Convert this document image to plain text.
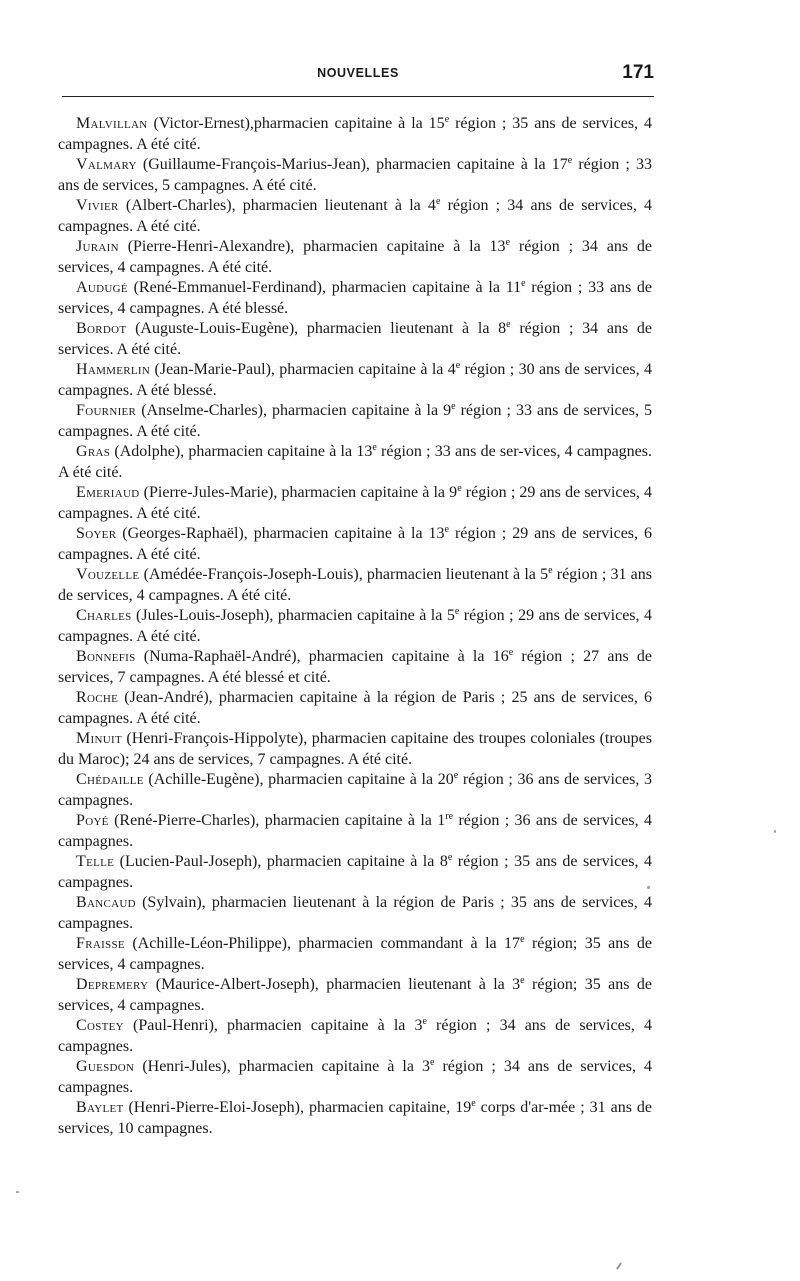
NOUVELLES	171

Malvillan (Victor-Ernest),pharmacien capitaine à la 15e région ; 35 ans de services, 4 campagnes. A été cité.

Valmary (Guillaume-François-Marius-Jean), pharmacien capitaine à la 17e région ; 33 ans de services, 5 campagnes. A été cité.

Vivier (Albert-Charles), pharmacien lieutenant à la 4e région ; 34 ans de services, 4 campagnes. A été cité.

Jurain (Pierre-Henri-Alexandre), pharmacien capitaine à la 13e région ; 34 ans de services, 4 campagnes. A été cité.

Audugé (René-Emmanuel-Ferdinand), pharmacien capitaine à la 11e région ; 33 ans de services, 4 campagnes. A été blessé.

Bordot (Auguste-Louis-Eugène), pharmacien lieutenant à la 8e région ; 34 ans de services. A été cité.

Hammerlin (Jean-Marie-Paul), pharmacien capitaine à la 4e région ; 30 ans de services, 4 campagnes. A été blessé.

Fournier (Anselme-Charles), pharmacien capitaine à la 9e région ; 33 ans de services, 5 campagnes. A été cité.

Gras (Adolphe), pharmacien capitaine à la 13e région ; 33 ans de ser-vices, 4 campagnes. A été cité.

Emeriaud (Pierre-Jules-Marie), pharmacien capitaine à la 9e région ; 29 ans de services, 4 campagnes. A été cité.

Soyer (Georges-Raphaël), pharmacien capitaine à la 13e région ; 29 ans de services, 6 campagnes. A été cité.

Vouzelle (Amédée-François-Joseph-Louis), pharmacien lieutenant à la 5e région ; 31 ans de services, 4 campagnes. A été cité.

Charles (Jules-Louis-Joseph), pharmacien capitaine à la 5e région ; 29 ans de services, 4 campagnes. A été cité.

Bonnefis (Numa-Raphaël-André), pharmacien capitaine à la 16e région ; 27 ans de services, 7 campagnes. A été blessé et cité.

Roche (Jean-André), pharmacien capitaine à la région de Paris ; 25 ans de services, 6 campagnes. A été cité.

Minuit (Henri-François-Hippolyte), pharmacien capitaine des troupes coloniales (troupes du Maroc); 24 ans de services, 7 campagnes. A été cité.

Chédaille (Achille-Eugène), pharmacien capitaine à la 20e région ; 36 ans de services, 3 campagnes.

Poyé (René-Pierre-Charles), pharmacien capitaine à la 1re région ; 36 ans de services, 4 campagnes.

Telle (Lucien-Paul-Joseph), pharmacien capitaine à la 8e région ; 35 ans de services, 4 campagnes.

Bancaud (Sylvain), pharmacien lieutenant à la région de Paris ; 35 ans de services, 4 campagnes.

Fraisse (Achille-Léon-Philippe), pharmacien commandant à la 17e région; 35 ans de services, 4 campagnes.

Depremery (Maurice-Albert-Joseph), pharmacien lieutenant à la 3e région; 35 ans de services, 4 campagnes.

Costey (Paul-Henri), pharmacien capitaine à la 3e région ; 34 ans de services, 4 campagnes.

Guesdon (Henri-Jules), pharmacien capitaine à la 3e région ; 34 ans de services, 4 campagnes.

Baylet (Henri-Pierre-Eloi-Joseph), pharmacien capitaine, 19e corps d'ar-mée ; 31 ans de services, 10 campagnes.
